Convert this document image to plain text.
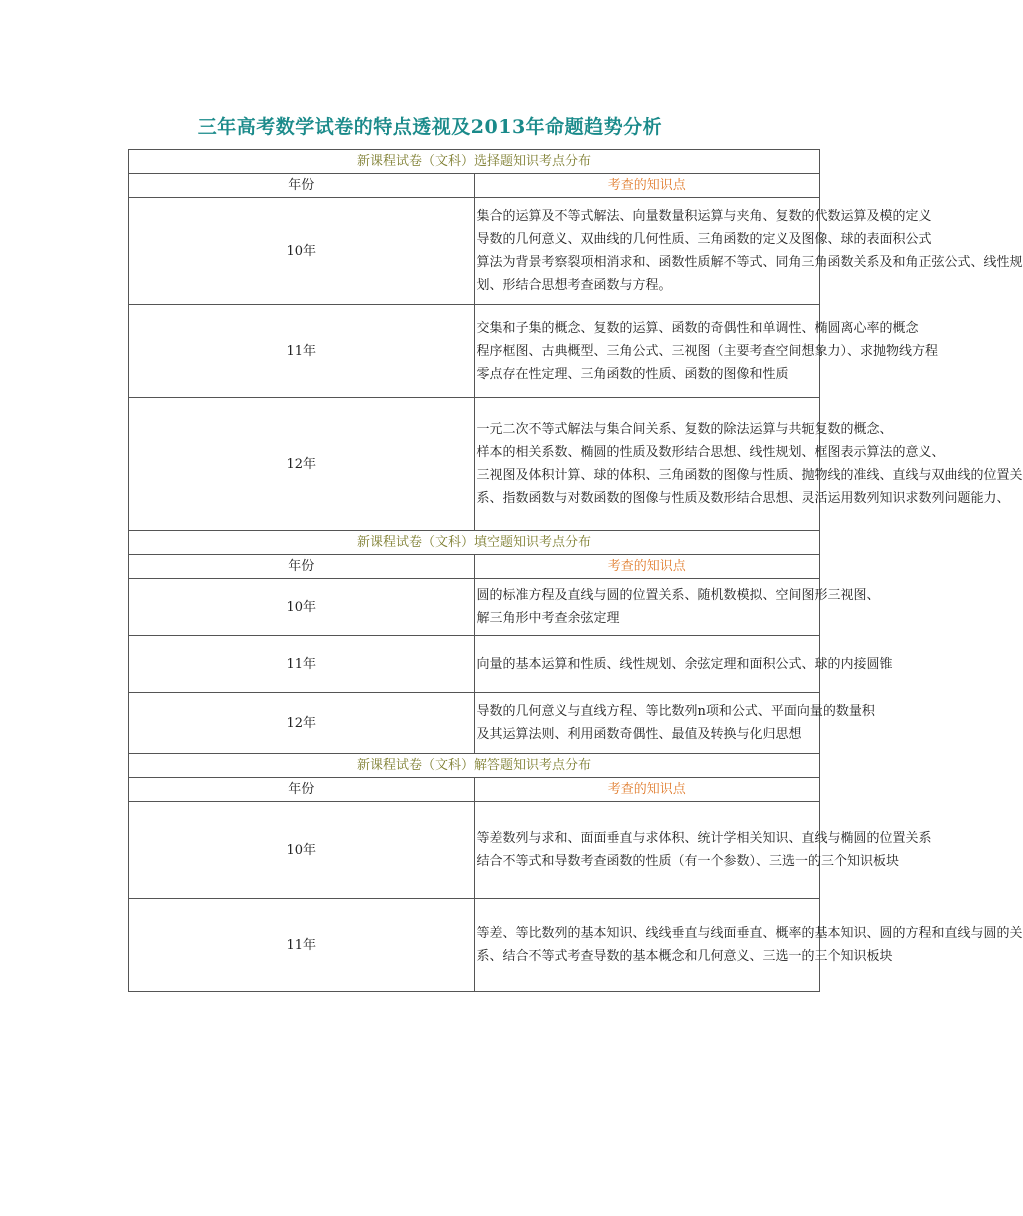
三年高考数学试卷的特点透视及2013年命题趋势分析
新课程试卷（文科）选择题知识考点分布	
年份	考查的知识点
10年	集合的运算及不等式解法、向量数量积运算与夹角、复数的代数运算及模的定义
导数的几何意义、双曲线的几何性质、三角函数的定义及图像、球的表面积公式
算法为背景考察裂项相消求和、函数性质解不等式、同角三角函数关系及和角正弦公式、线性规
划、形结合思想考查函数与方程。

11年	交集和子集的概念、复数的运算、函数的奇偶性和单调性、椭圆离心率的概念
程序框图、古典概型、三角公式、三视图（主要考查空间想象力）、求抛物线方程
零点存在性定理、三角函数的性质、函数的图像和性质

12年	一元二次不等式解法与集合间关系、复数的除法运算与共轭复数的概念、
样本的相关系数、椭圆的性质及数形结合思想、线性规划、框图表示算法的意义、
三视图及体积计算、球的体积、三角函数的图像与性质、抛物线的准线、直线与双曲线的位置关
系、指数函数与对数函数的图像与性质及数形结合思想、灵活运用数列知识求数列问题能力、

新课程试卷（文科）填空题知识考点分布	
年份	考查的知识点
10年	圆的标准方程及直线与圆的位置关系、随机数模拟、空间图形三视图、
解三角形中考查余弦定理

11年	向量的基本运算和性质、线性规划、余弦定理和面积公式、球的内接圆锥

12年	导数的几何意义与直线方程、等比数列n项和公式、平面向量的数量积
及其运算法则、利用函数奇偶性、最值及转换与化归思想

新课程试卷（文科）解答题知识考点分布	
年份	考查的知识点
10年	等差数列与求和、面面垂直与求体积、统计学相关知识、直线与椭圆的位置关系
结合不等式和导数考查函数的性质（有一个参数）、三选一的三个知识板块

11年	等差、等比数列的基本知识、线线垂直与线面垂直、概率的基本知识、圆的方程和直线与圆的关
系、结合不等式考查导数的基本概念和几何意义、三选一的三个知识板块
